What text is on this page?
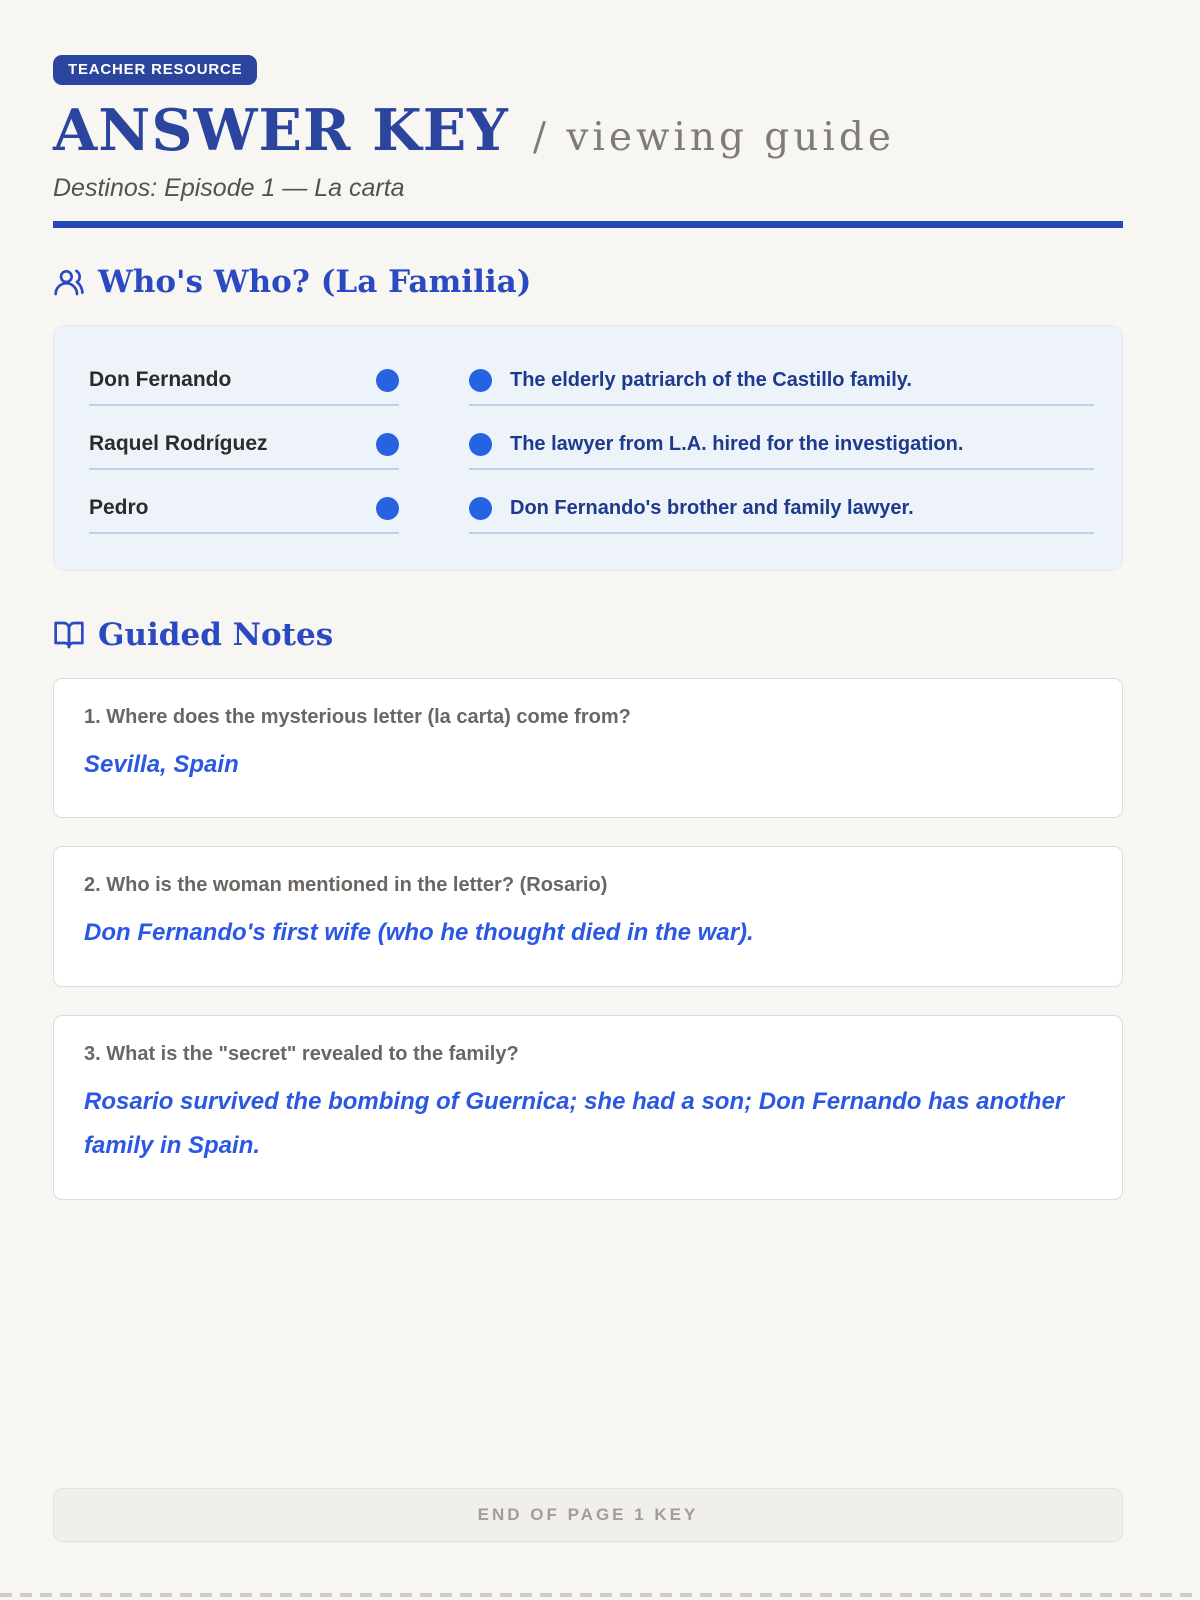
TEACHER RESOURCE
ANSWER KEY / viewing guide
Destinos: Episode 1 — La carta
Who's Who? (La Familia)
Don Fernando	The elderly patriarch of the Castillo family.
Raquel Rodríguez	The lawyer from L.A. hired for the investigation.
Pedro	Don Fernando's brother and family lawyer.
Guided Notes
1. Where does the mysterious letter (la carta) come from?
Sevilla, Spain
2. Who is the woman mentioned in the letter? (Rosario)
Don Fernando's first wife (who he thought died in the war).
3. What is the "secret" revealed to the family?
Rosario survived the bombing of Guernica; she had a son; Don Fernando has another family in Spain.
END OF PAGE 1 KEY
